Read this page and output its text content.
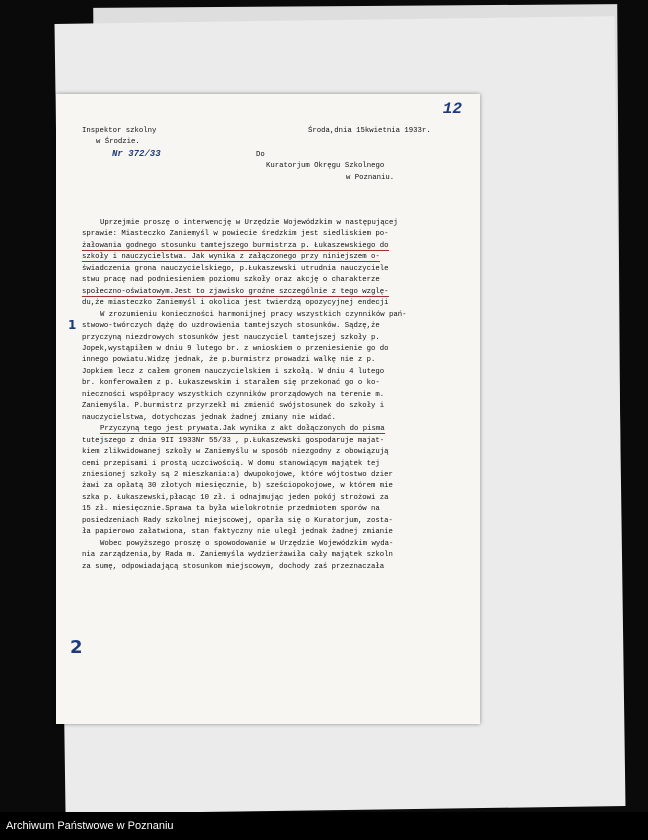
12
Inspektor szkolny
w Środzie.
Nr 372/33
Środa,dnia 15kwietnia 1933r.
Do
Kuratorjum Okręgu Szkolnego
w Poznaniu.
Uprzejmie proszę o interwencję w Urzędzie Wojewódzkim w następującej
sprawie: Miasteczko Zaniemyśl w powiecie średzkim jest siedliskiem po-
żałowania godnego stosunku tamtejszego burmistrza p. Łukaszewskiego do
szkoły i nauczycielstwa. Jak wynika z załączonego przy niniejszem o-
świadczenia grona nauczycielskiego, p.Łukaszewski utrudnia nauczyciele
stwu pracę nad podniesieniem poziomu szkoły oraz akcję o charakterze
społeczno-oświatowym.Jest to zjawisko groźne szczególnie z tego wzglę-
du,że miasteczko Zaniemyśl i okolica jest twierdzą opozycyjnej endecji
W zrozumieniu konieczności harmonijnej pracy wszystkich czynników pań-
stwowo-twórczych dążę do uzdrowienia tamtejszych stosunków. Sądzę,że
przyczyną niezdrowych stosunków jest nauczyciel tamtejszej szkoły p.
Jopek,wystąpiłem w dniu 9 lutego br. z wnioskiem o przeniesienie go do
innego powiatu.Widzę jednak, że p.burmistrz prowadzi walkę nie z p.
Jopkiem lecz z całem gronem nauczycielskiem i szkołą. W dniu 4 lutego
br. konferowałem z p. Łukaszewskim i starałem się przekonać go o ko-
nieczności współpracy wszystkich czynników prorządowych na terenie m.
Zaniemyśla. P.burmistrz przyrzekł mi zmienić swójstosunek do szkoły i
nauczycielstwa, dotychczas jednak żadnej zmiany nie widać.
Przyczyną tego jest prywata.Jak wynika z akt dołączonych do pisma
tutejszego z dnia 9II 1933Nr 55/33 , p.Łukaszewski gospodaruje majat-
kiem zlikwidowanej szkoły w Zaniemyślu w sposób niezgodny z obowiązują
cemi przepisami i prostą uczciwością. W domu stanowiącym majątek tej
zniesionej szkoły są 2 mieszkania:a) dwupokojowe, które wójtostwo dzier
żawi za opłatą 30 złotych miesięcznie, b) sześciopokojowe, w którem mie
szka p. Łukaszewski,płacąc 10 zł. i odnajmując jeden pokój strożowi za
15 zł. miesięcznie.Sprawa ta była wielokrotnie przedmiotem sporów na
posiedzeniach Rady szkolnej miejscowej, oparła się o Kuratorjum, zosta-
ła papierowo załatwiona, stan faktyczny nie uległ jednak żadnej zmianie
Wobec powyższego proszę o spowodowanie w Urzędzie Wojewódzkim wyda-
nia zarządzenia,by Rada m. Zaniemyśla wydzierżawiła cały majątek szkoln
za sumę, odpowiadającą stosunkom miejscowym, dochody zaś przeznaczała
1
2
Archiwum Państwowe w Poznaniu
